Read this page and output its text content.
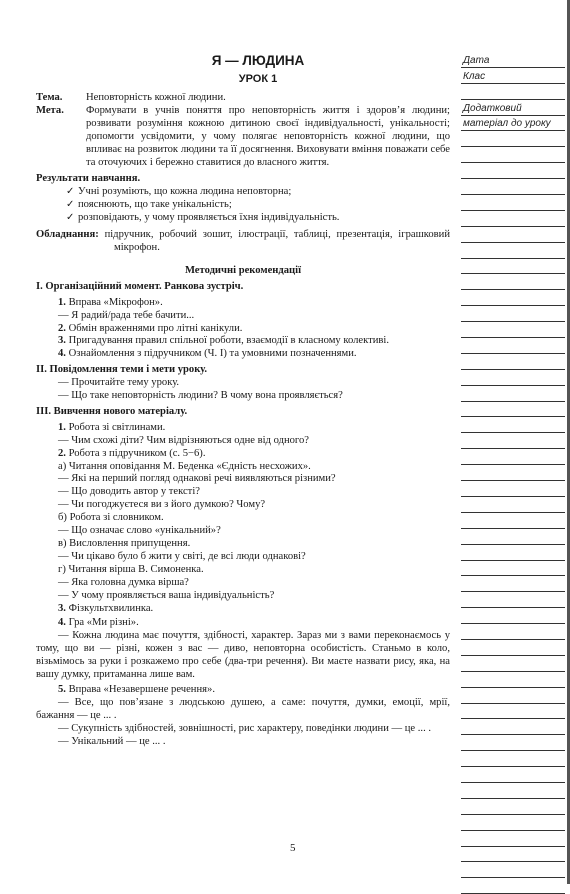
Я — ЛЮДИНА
УРОК 1
Тема.	Неповторність кожної людини.
Мета.	Формувати в учнів поняття про неповторність життя і здоров’я людини; розвивати розуміння кожною дитиною своєї індивідуальності, унікальності; допомогти усвідомити, у чому полягає неповторність кожної людини, що впливає на розвиток людини та її досягнення. Виховувати вміння поважати себе та оточуючих і бережно ставитися до власного життя.
Результати навчання.
✓ Учні розуміють, що кожна людина неповторна;
✓ пояснюють, що таке унікальність;
✓ розповідають, у чому проявляється їхня індивідуальність.
Обладнання: підручник, робочий зошит, ілюстрації, таблиці, презентація, іграшковий мікрофон.
Методичні рекомендації
І. Організаційний момент. Ранкова зустріч.
1. Вправа «Мікрофон».
— Я радий/рада тебе бачити...
2. Обмін враженнями про літні канікули.
3. Пригадування правил спільної роботи, взаємодії в класному колективі.
4. Ознайомлення з підручником (Ч. І) та умовними позначеннями.
ІІ. Повідомлення теми і мети уроку.
— Прочитайте тему уроку.
— Що таке неповторність людини? В чому вона проявляється?
ІІІ. Вивчення нового матеріалу.
1. Робота зі світлинами.
— Чим схожі діти? Чим відрізняються одне від одного?
2. Робота з підручником (с. 5−6).
а) Читання оповідання М. Беденка «Єдність несхожих».
— Які на перший погляд однакові речі виявляються різними?
— Що доводить автор у тексті?
— Чи погоджуєтеся ви з його думкою? Чому?
б) Робота зі словником.
— Що означає слово «унікальний»?
в) Висловлення припущення.
— Чи цікаво було б жити у світі, де всі люди однакові?
г) Читання вірша В. Симоненка.
— Яка головна думка вірша?
— У чому проявляється ваша індивідуальність?
3. Фізкультхвилинка.
4. Гра «Ми різні».
— Кожна людина має почуття, здібності, характер. Зараз ми з вами переконаємось у тому, що ви — різні, кожен з вас — диво, неповторна особистість. Станьмо в коло, візьмімось за руки і розкажемо про себе (два-три речення). Ви маєте назвати рису, яка, на вашу думку, притаманна лише вам.
5. Вправа «Незавершене речення».
— Все, що пов’язане з людською душею, а саме: почуття, думки, емоції, мрії, бажання — це ... .
— Сукупність здібностей, зовнішності, рис характеру, поведінки людини — це ... .
— Унікальний — це ... .
Дата
Клас
Додатковий
матеріал до уроку
5
